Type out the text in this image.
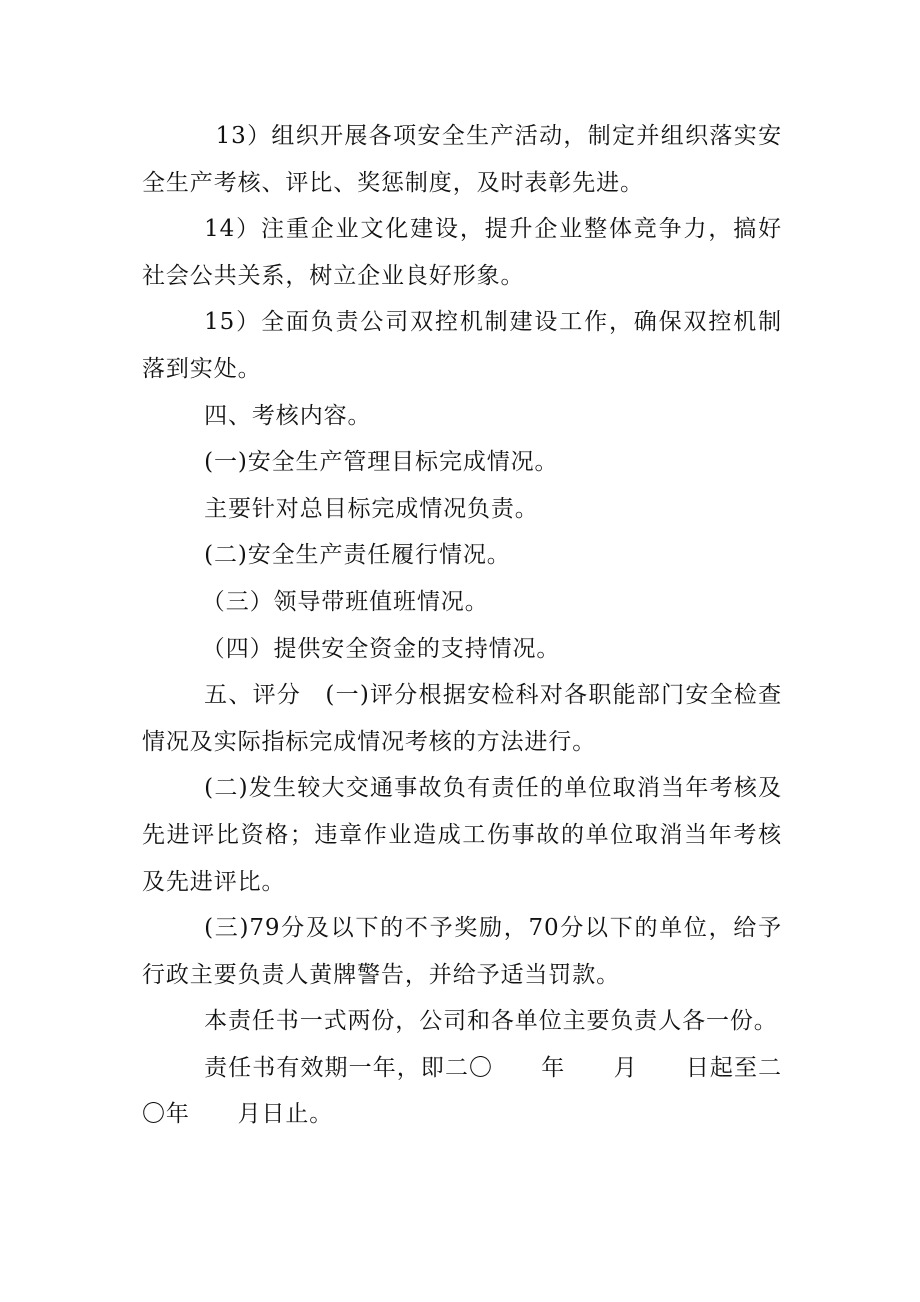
13）组织开展各项安全生产活动，制定并组织落实安全生产考核、评比、奖惩制度，及时表彰先进。

14）注重企业文化建设，提升企业整体竞争力，搞好社会公共关系，树立企业良好形象。

15）全面负责公司双控机制建设工作，确保双控机制落到实处。

四、考核内容。

(一)安全生产管理目标完成情况。

主要针对总目标完成情况负责。

(二)安全生产责任履行情况。

（三）领导带班值班情况。

（四）提供安全资金的支持情况。

五、评分　(一)评分根据安检科对各职能部门安全检查情况及实际指标完成情况考核的方法进行。

(二)发生较大交通事故负有责任的单位取消当年考核及先进评比资格；违章作业造成工伤事故的单位取消当年考核及先进评比。

(三)79分及以下的不予奖励，70分以下的单位，给予行政主要负责人黄牌警告，并给予适当罚款。

本责任书一式两份，公司和各单位主要负责人各一份。

责任书有效期一年，即二〇　　年　　月　　日起至二〇年　　月日止。
